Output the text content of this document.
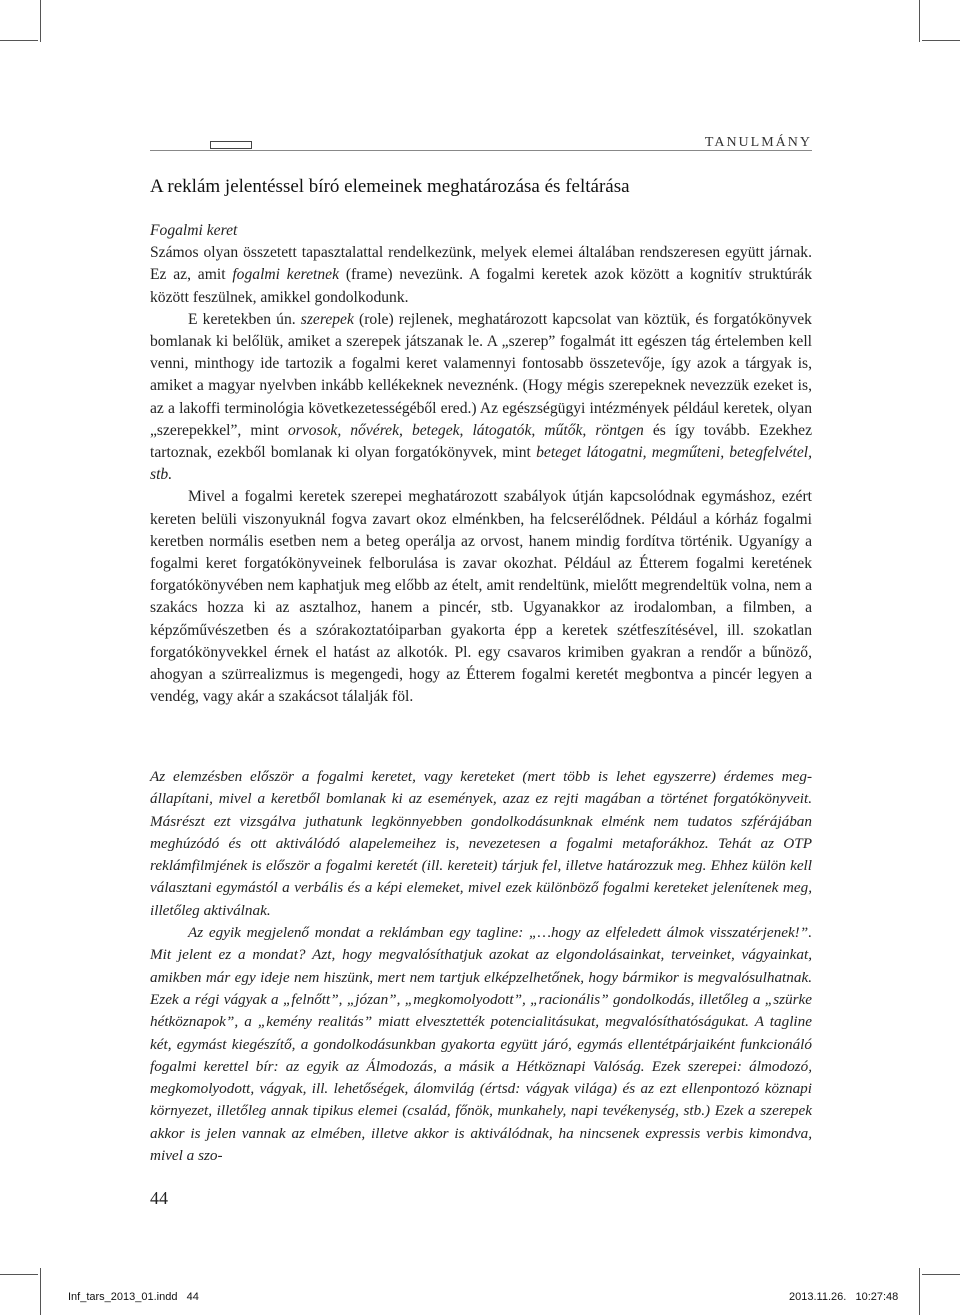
TANULMÁNY
A reklám jelentéssel bíró elemeinek meghatározása és feltárása
Fogalmi keret

Számos olyan összetett tapasztalattal rendelkezünk, melyek elemei általában rendszeresen együtt járnak. Ez az, amit fogalmi keretnek (frame) nevezünk. A fogalmi keretek azok között a kognitív struktúrák között feszülnek, amikkel gondolkodunk.

E keretekben ún. szerepek (role) rejlenek, meghatározott kapcsolat van köztük, és forgatókönyvek bomlanak ki belőlük, amiket a szerepek játszanak le. A „szerep” fogalmát itt egészen tág értelemben kell venni, minthogy ide tartozik a fogalmi keret valamennyi fontosabb összetevője, így azok a tárgyak is, amiket a magyar nyelvben inkább kellékeknek neveznénk. (Hogy mégis szerepeknek nevezzük ezeket is, az a lakoffi terminológia következetességéből ered.) Az egészségügyi intézmények például keretek, olyan „szerepekkel”, mint orvosok, nővérek, betegek, látogatók, műtők, röntgen és így tovább. Ezekhez tartoznak, ezekből bomlanak ki olyan forgatókönyvek, mint beteget látogatni, megműteni, betegfelvétel, stb.

Mivel a fogalmi keretek szerepei meghatározott szabályok útján kapcsolódnak egymáshoz, ezért kereten belüli viszonyuknál fogva zavart okoz elménkben, ha felcserélődnek. Például a kórház fogalmi keretben normális esetben nem a beteg operálja az orvost, hanem mindig fordítva történik. Ugyanígy a fogalmi keret forgatókönyveinek felborulása is zavar okozhat. Például az Étterem fogalmi keretének forgatókönyvében nem kaphatjuk meg előbb az ételt, amit rendeltünk, mielőtt megrendeltük volna, nem a szakács hozza ki az asztalhoz, hanem a pincér, stb. Ugyanakkor az irodalomban, a filmben, a képzőművészetben és a szórakoztatóiparban gyakorta épp a keretek szétfeszítésével, ill. szokatlan forgatókönyvekkel érnek el hatást az alkotók. Pl. egy csavaros krimiben gyakran a rendőr a bűnöző, ahogyan a szürrealizmus is megengedi, hogy az Étterem fogalmi keretét megbontva a pincér legyen a vendég, vagy akár a szakácsot tálalják föl.

Az elemzésben először a fogalmi keretet, vagy kereteket (mert több is lehet egyszerre) érdemes megállapítani, mivel a keretből bomlanak ki az események, azaz ez rejti magában a történet forgatókönyveit. Másrészt ezt vizsgálva juthatunk legkönnyebben gondolkodásunknak elménk nem tudatos szférájában meghúzódó és ott aktiválódó alapelemeihez is, nevezetesen a fogalmi metaforákhoz. Tehát az OTP reklámfilmjének is először a fogalmi keretét (ill. kereteit) tárjuk fel, illetve határozzuk meg. Ehhez külön kell választani egymástól a verbális és a képi elemeket, mivel ezek különböző fogalmi kereteket jelenítenek meg, illetőleg aktiválnak.

Az egyik megjelenő mondat a reklámban egy tagline: „…hogy az elfeledett álmok visszatérjenek!”. Mit jelent ez a mondat? Azt, hogy megvalósíthatjuk azokat az elgondolásainkat, terveinket, vágyainkat, amikben már egy ideje nem hiszünk, mert nem tartjuk elképzelhetőnek, hogy bármikor is megvalósulhatnak. Ezek a régi vágyak a „felnőtt”, „józan”, „megkomolyodott”, „racionális” gondolkodás, illetőleg a „szürke hétköznapok”, a „kemény realitás” miatt elvesztették potencialitásukat, megvalósíthatóságukat. A tagline két, egymást kiegészítő, a gondolkodásunkban gyakorta együtt járó, egymás ellentétpárjaiként funkcionáló fogalmi kerettel bír: az egyik az Álmodozás, a másik a Hétköznapi Valóság. Ezek szerepei: álmodozó, megkomolyodott, vágyak, ill. lehetőségek, álomvilág (értsd: vágyak világa) és az ezt ellenpontozó köznapi környezet, illetőleg annak tipikus elemei (család, főnök, munkahely, napi tevékenység, stb.) Ezek a szerepek akkor is jelen vannak az elmében, illetve akkor is aktiválódnak, ha nincsenek expressis verbis kimondva, mivel a szo-

44
Inf_tars_2013_01.indd   44	2013.11.26.   10:27:48
